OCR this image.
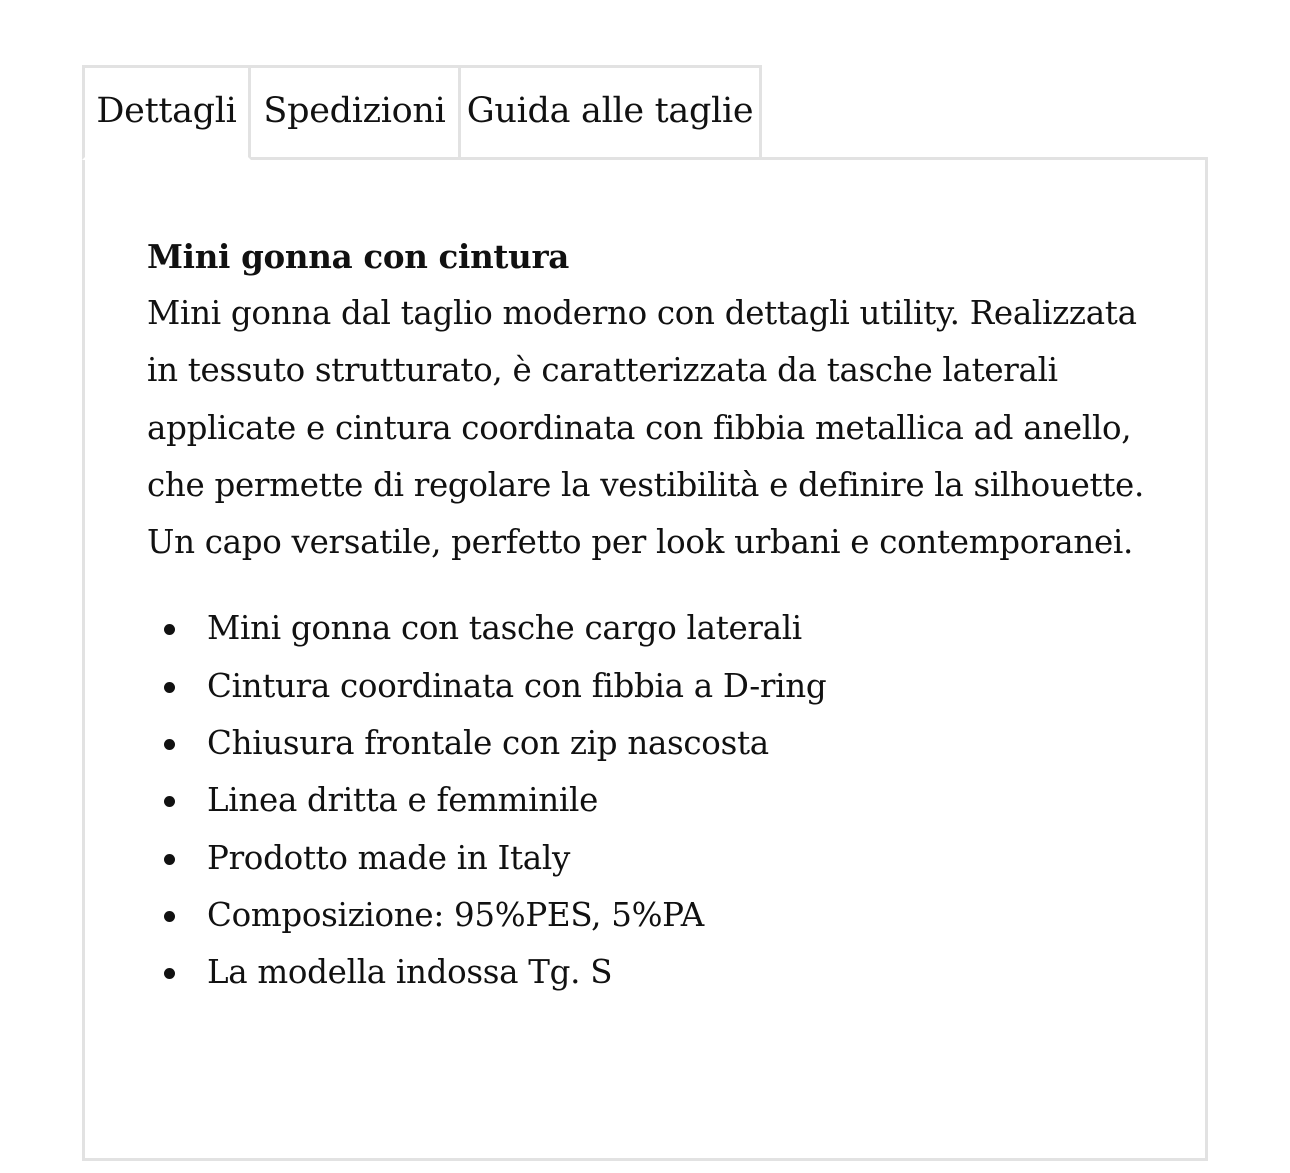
Dettagli Spedizioni Guida alle taglie

Mini gonna con cintura

Mini gonna dal taglio moderno con dettagli utility. Realizzata in tessuto strutturato, è caratterizzata da tasche laterali applicate e cintura coordinata con fibbia metallica ad anello, che permette di regolare la vestibilità e definire la silhouette. Un capo versatile, perfetto per look urbani e contemporanei.

Mini gonna con tasche cargo laterali
Cintura coordinata con fibbia a D-ring
Chiusura frontale con zip nascosta
Linea dritta e femminile
Prodotto made in Italy
Composizione: 95%PES, 5%PA
La modella indossa Tg. S
